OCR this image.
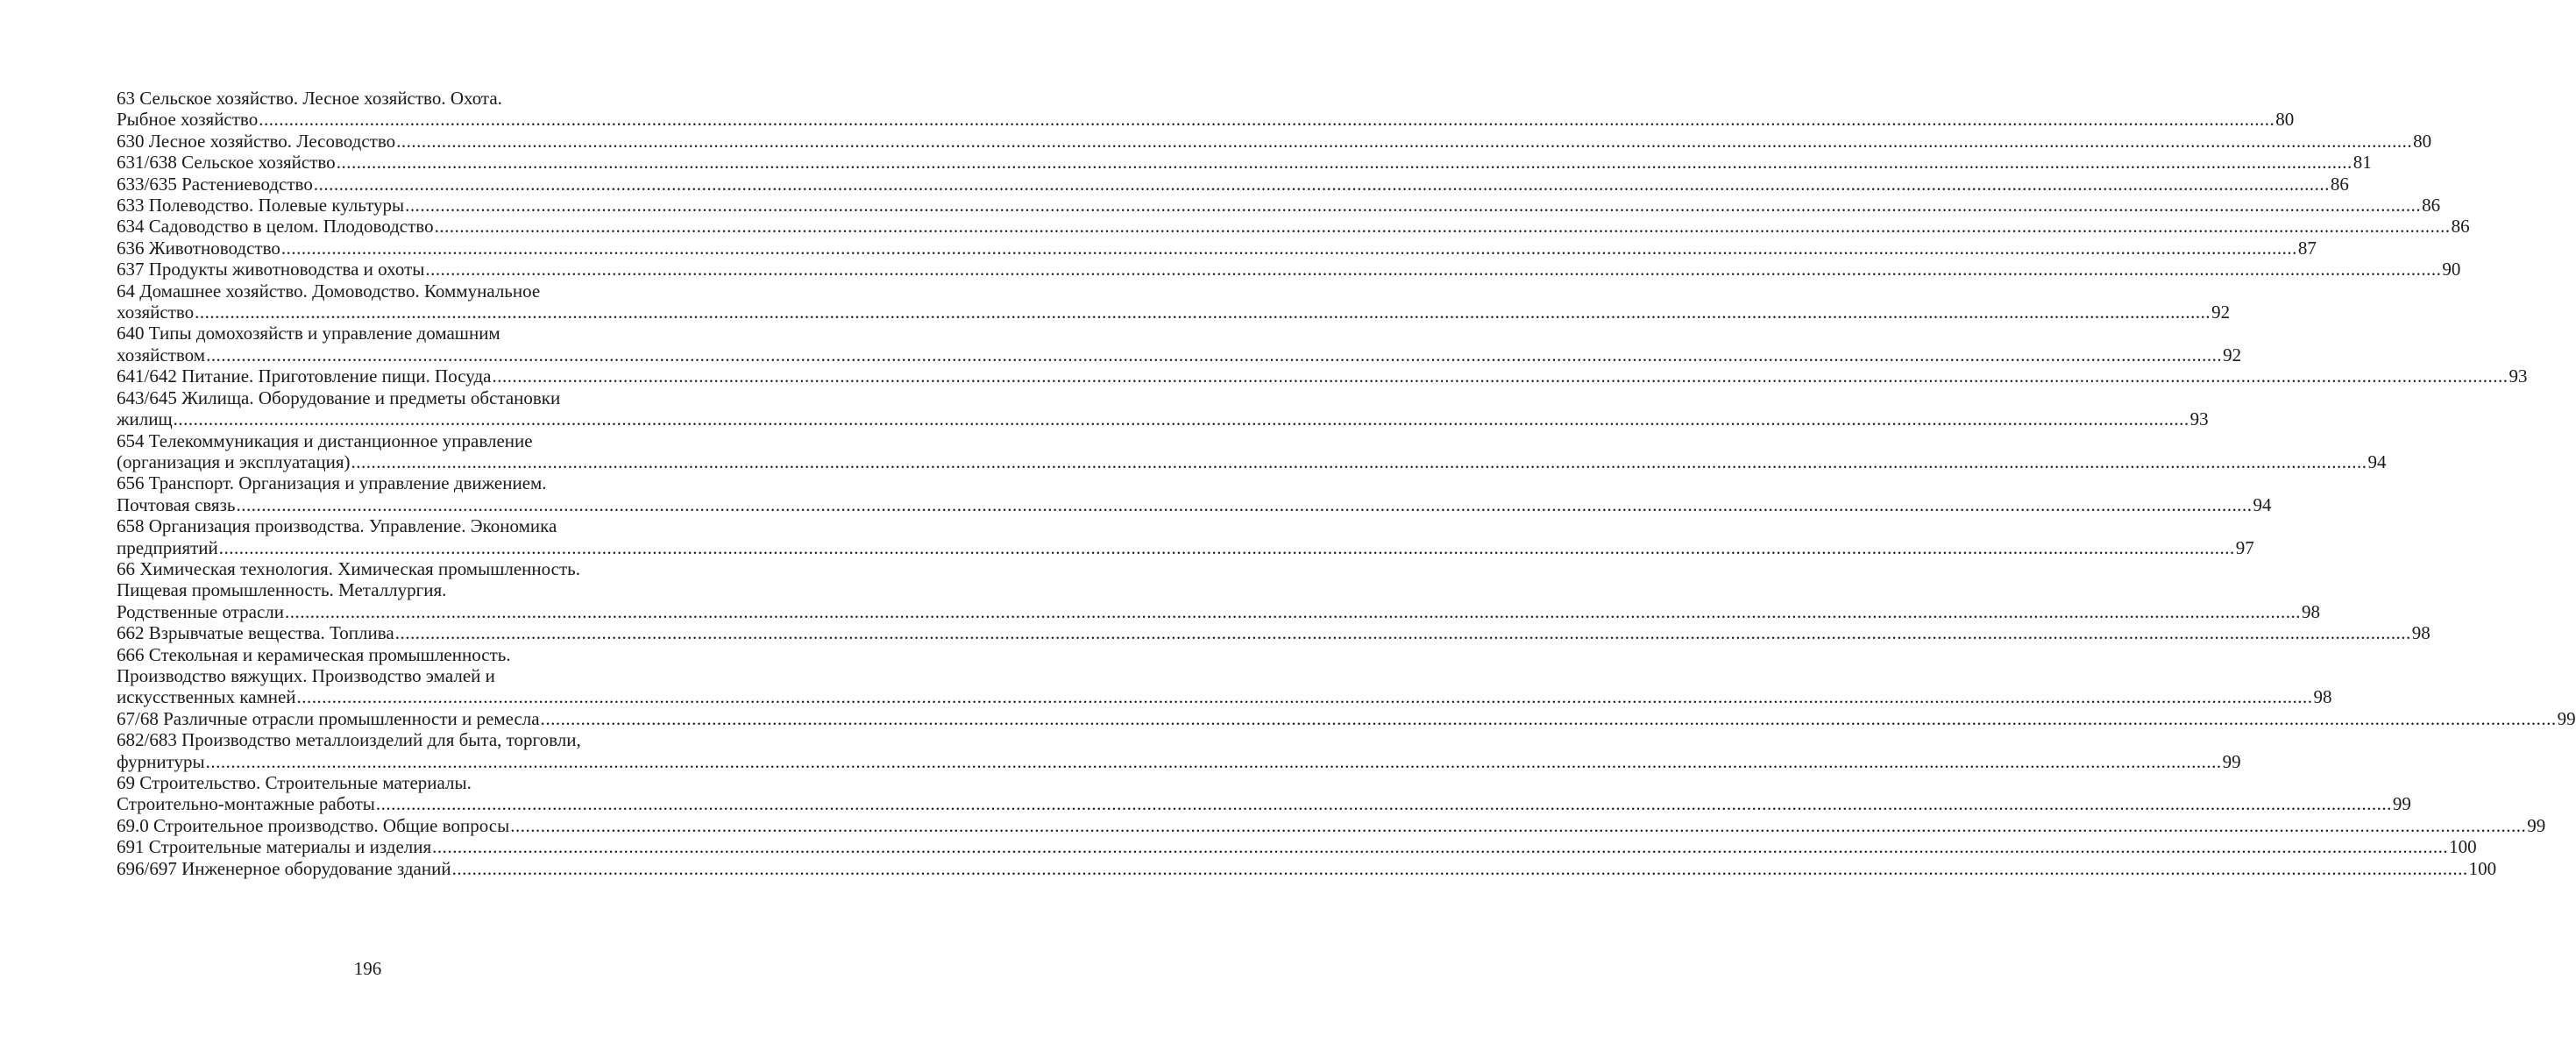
63 Сельское хозяйство. Лесное хозяйство. Охота.
Рыбное хозяйство ................................................................................................................................................................................................................................................................................................................................................................................................................ 80
630 Лесное хозяйство. Лесоводство ................................................................................................................................................................................................................................................................................................................................................................................................................ 80
631/638 Сельское хозяйство ................................................................................................................................................................................................................................................................................................................................................................................................................ 81
633/635 Растениеводство ................................................................................................................................................................................................................................................................................................................................................................................................................ 86
633 Полеводство. Полевые культуры ................................................................................................................................................................................................................................................................................................................................................................................................................ 86
634 Садоводство в целом. Плодоводство ................................................................................................................................................................................................................................................................................................................................................................................................................ 86
636 Животноводство ................................................................................................................................................................................................................................................................................................................................................................................................................ 87
637 Продукты животноводства и охоты ................................................................................................................................................................................................................................................................................................................................................................................................................ 90
64 Домашнее хозяйство. Домоводство. Коммунальное
хозяйство ................................................................................................................................................................................................................................................................................................................................................................................................................ 92
640 Типы домохозяйств и управление домашним
хозяйством ................................................................................................................................................................................................................................................................................................................................................................................................................ 92
641/642 Питание. Приготовление пищи. Посуда ................................................................................................................................................................................................................................................................................................................................................................................................................ 93
643/645 Жилища. Оборудование и предметы обстановки
жилищ ................................................................................................................................................................................................................................................................................................................................................................................................................ 93
654 Телекоммуникация и дистанционное управление
(организация и эксплуатация) ................................................................................................................................................................................................................................................................................................................................................................................................................ 94
656 Транспорт. Организация и управление движением.
Почтовая связь ................................................................................................................................................................................................................................................................................................................................................................................................................ 94
658 Организация производства. Управление. Экономика
предприятий ................................................................................................................................................................................................................................................................................................................................................................................................................ 97
66 Химическая технология. Химическая промышленность.
Пищевая промышленность. Металлургия.
Родственные отрасли ................................................................................................................................................................................................................................................................................................................................................................................................................ 98
662 Взрывчатые вещества. Топлива ................................................................................................................................................................................................................................................................................................................................................................................................................ 98
666 Стекольная и керамическая промышленность.
Производство вяжущих. Производство эмалей и
искусственных камней ................................................................................................................................................................................................................................................................................................................................................................................................................ 98
67/68 Различные отрасли промышленности и ремесла ................................................................................................................................................................................................................................................................................................................................................................................................................ 99
682/683 Производство металлоизделий для быта, торговли,
фурнитуры ................................................................................................................................................................................................................................................................................................................................................................................................................ 99
69 Строительство. Строительные материалы.
Строительно-монтажные работы ................................................................................................................................................................................................................................................................................................................................................................................................................ 99
69.0 Строительное производство. Общие вопросы ................................................................................................................................................................................................................................................................................................................................................................................................................ 99
691 Строительные материалы и изделия ................................................................................................................................................................................................................................................................................................................................................................................................................ 100
696/697 Инженерное оборудование зданий ................................................................................................................................................................................................................................................................................................................................................................................................................ 100
196
